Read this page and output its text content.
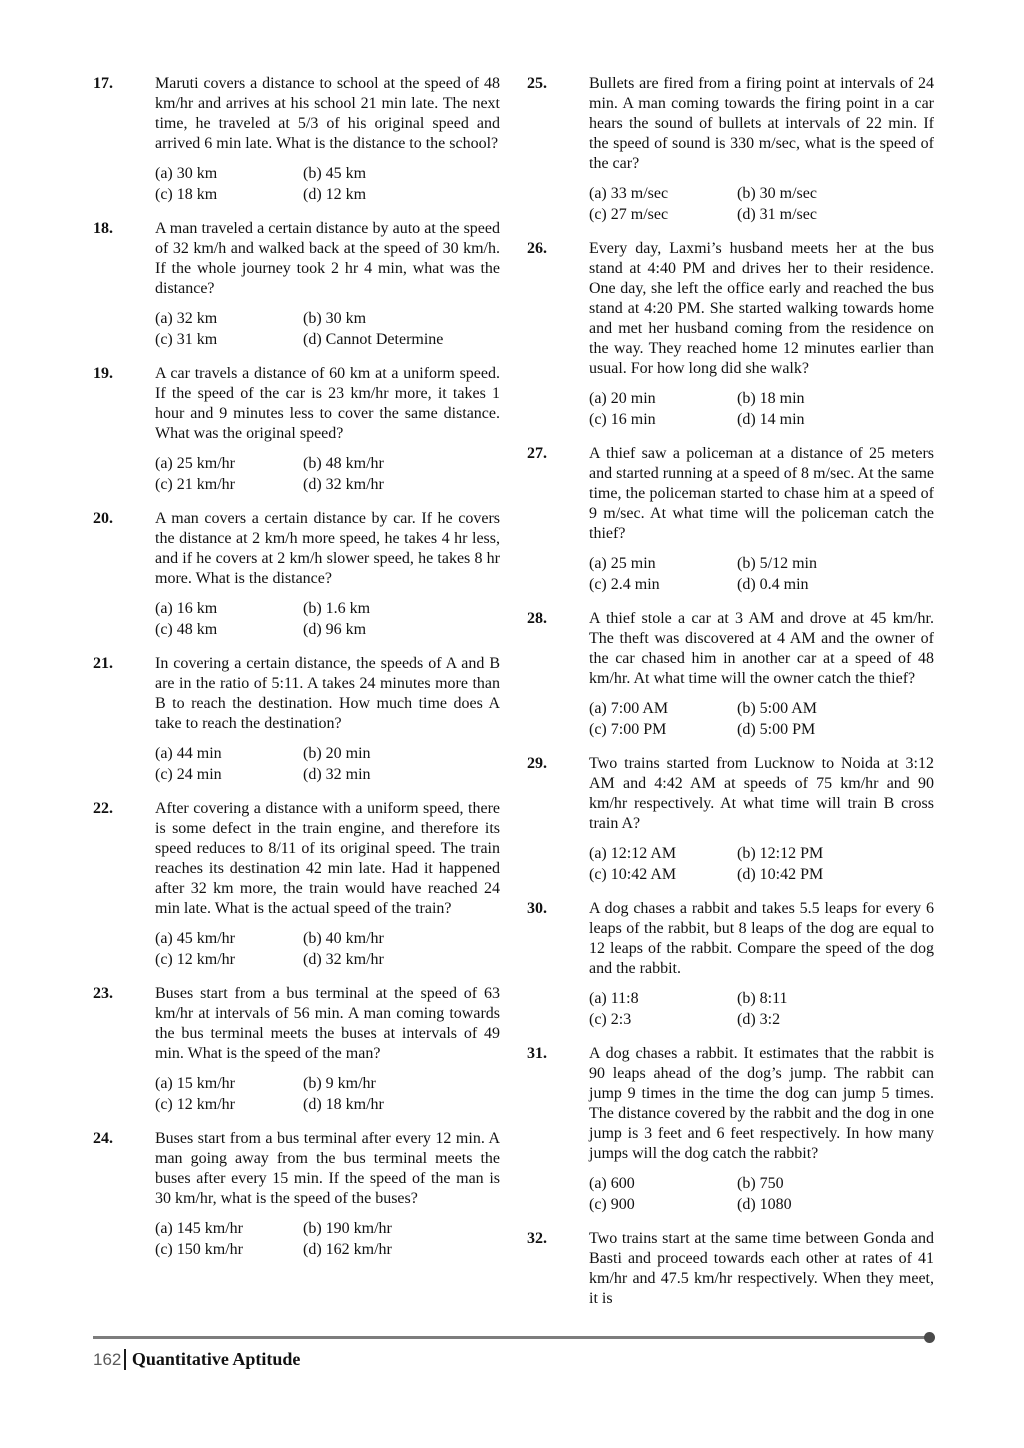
17.	Maruti covers a distance to school at the speed of 48 km/hr and arrives at his school 21 min late. The next time, he traveled at 5/3 of his original speed and arrived 6 min late. What is the distance to the school?
(a) 30 km	(b) 45 km
(c) 18 km	(d) 12 km
18.	A man traveled a certain distance by auto at the speed of 32 km/h and walked back at the speed of 30 km/h. If the whole journey took 2 hr 4 min, what was the distance?
(a) 32 km	(b) 30 km
(c) 31 km	(d) Cannot Determine
19.	A car travels a distance of 60 km at a uniform speed. If the speed of the car is 23 km/hr more, it takes 1 hour and 9 minutes less to cover the same distance. What was the original speed?
(a) 25 km/hr	(b) 48 km/hr
(c) 21 km/hr	(d) 32 km/hr
20.	A man covers a certain distance by car. If he covers the distance at 2 km/h more speed, he takes 4 hr less, and if he covers at 2 km/h slower speed, he takes 8 hr more. What is the distance?
(a) 16 km	(b) 1.6 km
(c) 48 km	(d) 96 km
21.	In covering a certain distance, the speeds of A and B are in the ratio of 5:11. A takes 24 minutes more than B to reach the destination. How much time does A take to reach the destination?
(a) 44 min	(b) 20 min
(c) 24 min	(d) 32 min
22.	After covering a distance with a uniform speed, there is some defect in the train engine, and therefore its speed reduces to 8/11 of its original speed. The train reaches its destination 42 min late. Had it happened after 32 km more, the train would have reached 24 min late. What is the actual speed of the train?
(a) 45 km/hr	(b) 40 km/hr
(c) 12 km/hr	(d) 32 km/hr
23.	Buses start from a bus terminal at the speed of 63 km/hr at intervals of 56 min. A man coming towards the bus terminal meets the buses at intervals of 49 min. What is the speed of the man?
(a) 15 km/hr	(b) 9 km/hr
(c) 12 km/hr	(d) 18 km/hr
24.	Buses start from a bus terminal after every 12 min. A man going away from the bus terminal meets the buses after every 15 min. If the speed of the man is 30 km/hr, what is the speed of the buses?
(a) 145 km/hr	(b) 190 km/hr
(c) 150 km/hr	(d) 162 km/hr
25.	Bullets are fired from a firing point at intervals of 24 min. A man coming towards the firing point in a car hears the sound of bullets at intervals of 22 min. If the speed of sound is 330 m/sec, what is the speed of the car?
(a) 33 m/sec	(b) 30 m/sec
(c) 27 m/sec	(d) 31 m/sec
26.	Every day, Laxmi’s husband meets her at the bus stand at 4:40 PM and drives her to their residence. One day, she left the office early and reached the bus stand at 4:20 PM. She started walking towards home and met her husband coming from the residence on the way. They reached home 12 minutes earlier than usual. For how long did she walk?
(a) 20 min	(b) 18 min
(c) 16 min	(d) 14 min
27.	A thief saw a policeman at a distance of 25 meters and started running at a speed of 8 m/sec. At the same time, the policeman started to chase him at a speed of 9 m/sec. At what time will the policeman catch the thief?
(a) 25 min	(b) 5/12 min
(c) 2.4 min	(d) 0.4 min
28.	A thief stole a car at 3 AM and drove at 45 km/hr. The theft was discovered at 4 AM and the owner of the car chased him in another car at a speed of 48 km/hr. At what time will the owner catch the thief?
(a) 7:00 AM	(b) 5:00 AM
(c) 7:00 PM	(d) 5:00 PM
29.	Two trains started from Lucknow to Noida at 3:12 AM and 4:42 AM at speeds of 75 km/hr and 90 km/hr respectively. At what time will train B cross train A?
(a) 12:12 AM	(b) 12:12 PM
(c) 10:42 AM	(d) 10:42 PM
30.	A dog chases a rabbit and takes 5.5 leaps for every 6 leaps of the rabbit, but 8 leaps of the dog are equal to 12 leaps of the rabbit. Compare the speed of the dog and the rabbit.
(a) 11:8	(b) 8:11
(c) 2:3	(d) 3:2
31.	A dog chases a rabbit. It estimates that the rabbit is 90 leaps ahead of the dog’s jump. The rabbit can jump 9 times in the time the dog can jump 5 times. The distance covered by the rabbit and the dog in one jump is 3 feet and 6 feet respectively. In how many jumps will the dog catch the rabbit?
(a) 600	(b) 750
(c) 900	(d) 1080
32.	Two trains start at the same time between Gonda and Basti and proceed towards each other at rates of 41 km/hr and 47.5 km/hr respectively. When they meet, it is
162 Quantitative Aptitude
